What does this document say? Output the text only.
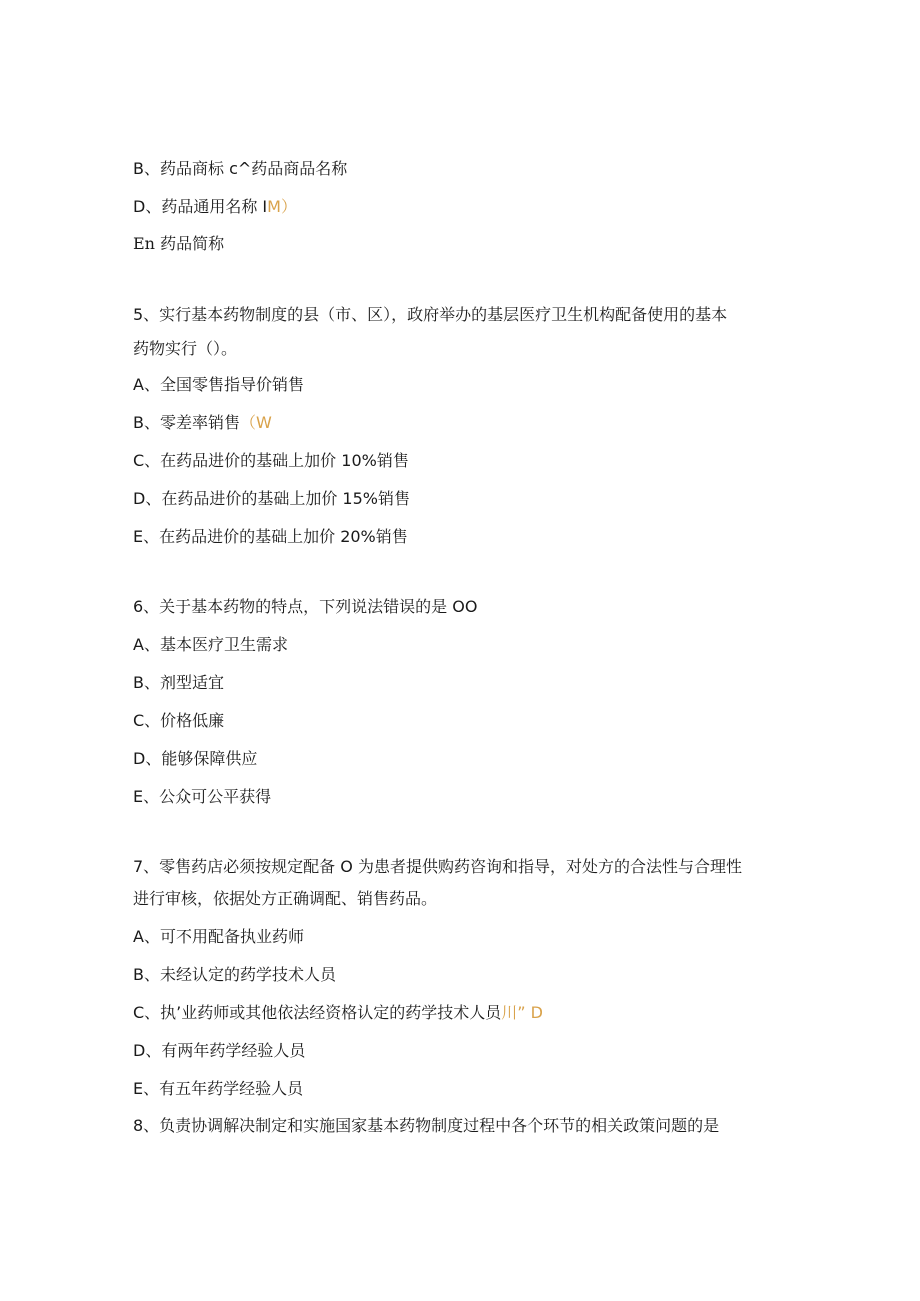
B、药品商标 c^药品商品名称
D、药品通用名称 IM）
En 药品简称
5、实行基本药物制度的县（市、区），政府举办的基层医疗卫生机构配备使用的基本
药物实行（）。
A、全国零售指导价销售
B、零差率销售（W
C、在药品进价的基础上加价 10%销售
D、在药品进价的基础上加价 15%销售
E、在药品进价的基础上加价 20%销售
6、关于基本药物的特点，下列说法错误的是 OO
A、基本医疗卫生需求
B、剂型适宜
C、价格低廉
D、能够保障供应
E、公众可公平获得
7、零售药店必须按规定配备 O 为患者提供购药咨询和指导，对处方的合法性与合理性
进行审核，依据处方正确调配、销售药品。
A、可不用配备执业药师
B、未经认定的药学技术人员
C、执’业药师或其他依法经资格认定的药学技术人员川” D
D、有两年药学经验人员
E、有五年药学经验人员
8、负责协调解决制定和实施国家基本药物制度过程中各个环节的相关政策问题的是
